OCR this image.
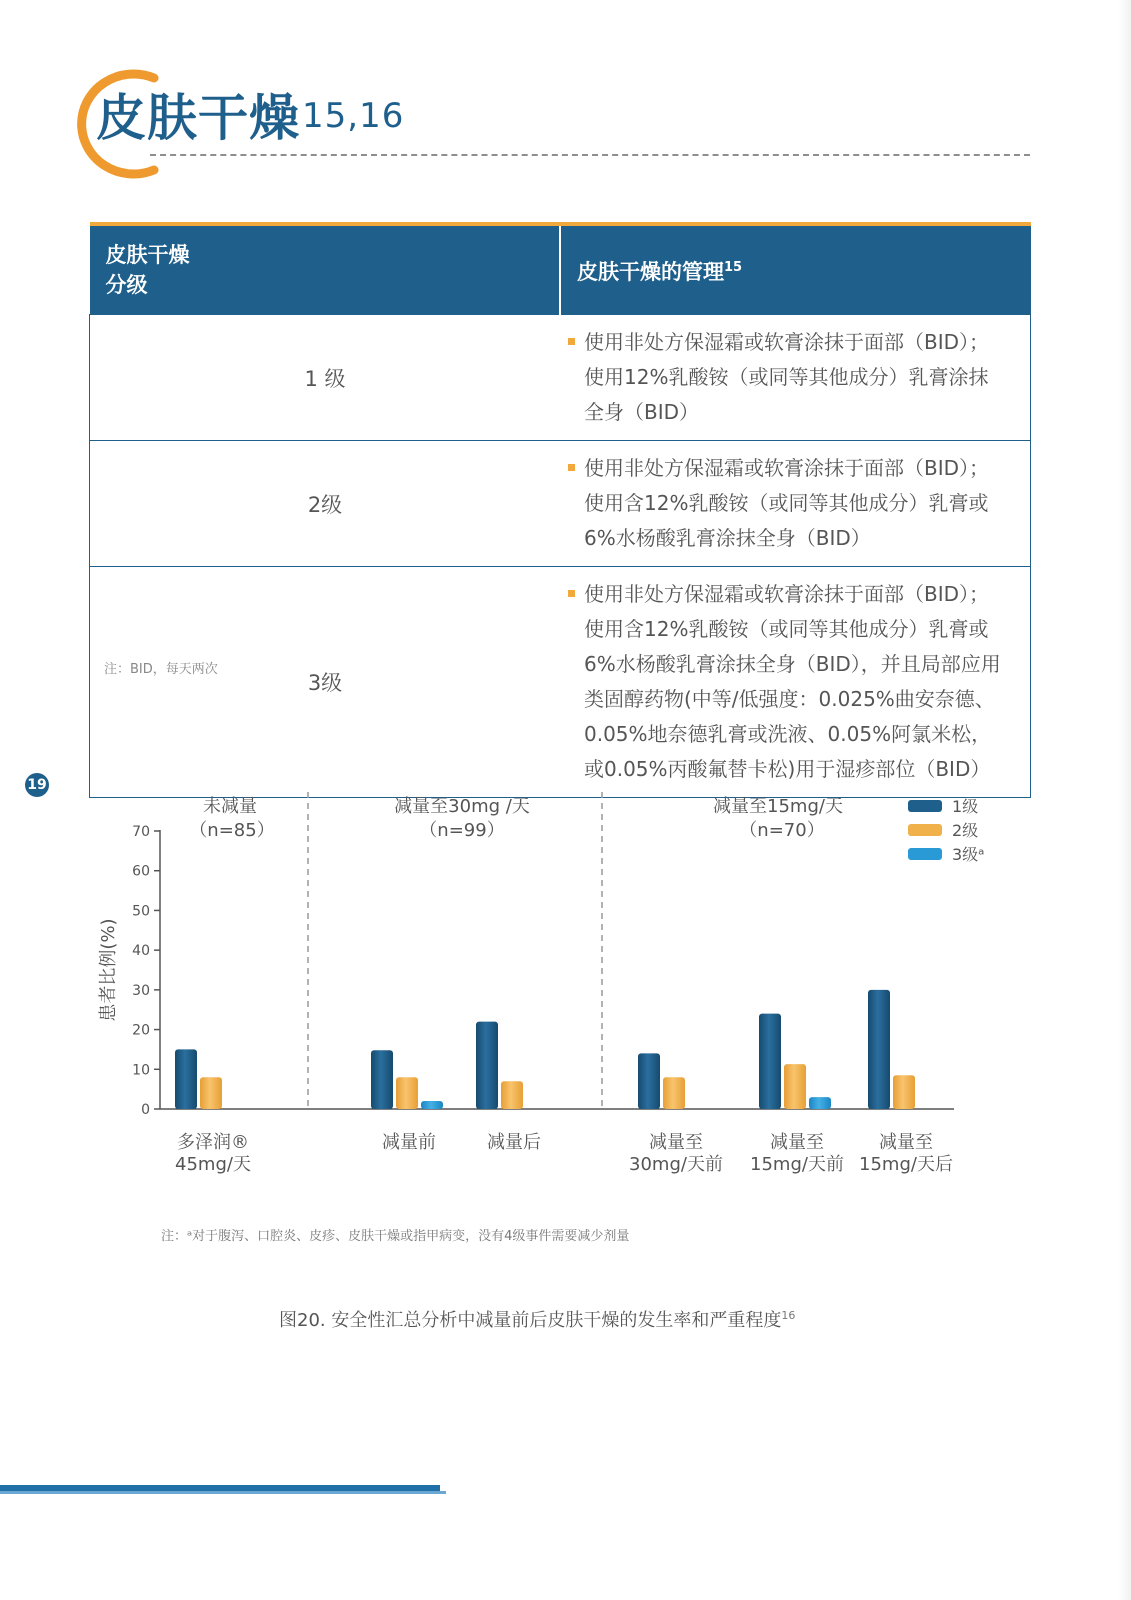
皮肤干燥$^{15,16}$

皮肤干燥
分级	皮肤干燥的管理$^{15}$
1 级	使用非处方保湿霜或软膏涂抹于面部（BID）；使用12%乳酸铵（或同等其他成分）乳膏涂抹全身（BID）
2级	使用非处方保湿霜或软膏涂抹于面部（BID）；使用含12%乳酸铵（或同等其他成分）乳膏或6%水杨酸乳膏涂抹全身（BID）
3级	使用非处方保湿霜或软膏涂抹于面部（BID）；使用含12%乳酸铵（或同等其他成分）乳膏或6%水杨酸乳膏涂抹全身（BID），并且局部应用类固醇药物(中等/低强度：0.025%曲安奈德、0.05%地奈德乳膏或洗液、0.05%阿氯米松，或0.05%丙酸氟替卡松)用于湿疹部位（BID）
注：BID，每天两次
19
0
10
20
30
40
50
60
70
患者比例(%)
未减量
（n=85）
减量至30mg /天
（n=99）
减量至15mg/天
（n=70）
1级
2级
3级ᵃ
多泽润®
45mg/天
减量前	减量后	减量至
30mg/天前
减量至
15mg/天前
减量至
15mg/天后
注：ᵃ对于腹泻、口腔炎、皮疹、皮肤干燥或指甲病变，没有4级事件需要减少剂量
图20. 安全性汇总分析中减量前后皮肤干燥的发生率和严重程度$^{16}$
